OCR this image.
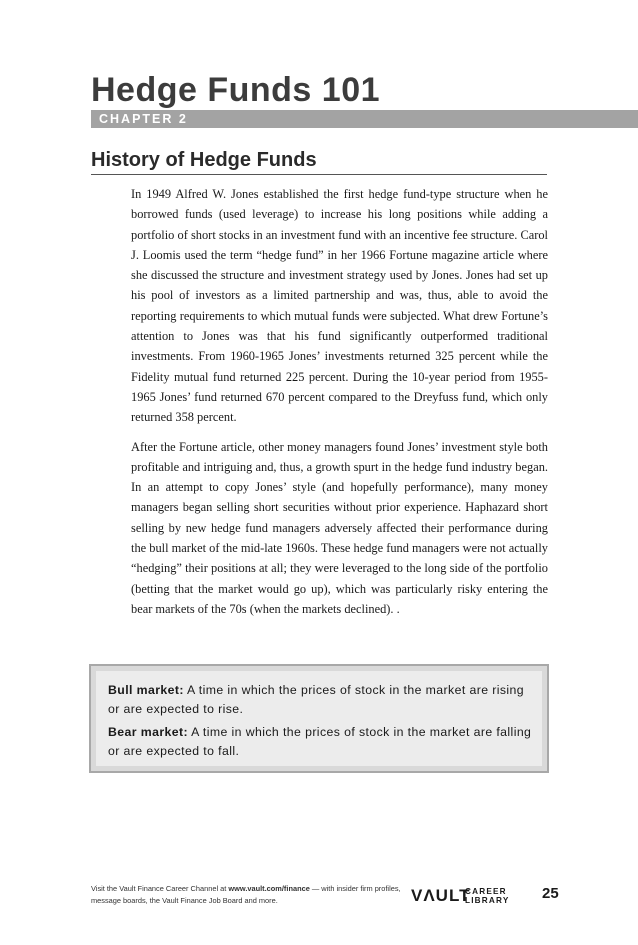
Hedge Funds 101
CHAPTER 2
History of Hedge Funds

In 1949 Alfred W. Jones established the first hedge fund-type structure when he borrowed funds (used leverage) to increase his long positions while adding a portfolio of short stocks in an investment fund with an incentive fee structure. Carol J. Loomis used the term “hedge fund” in her 1966 Fortune magazine article where she discussed the structure and investment strategy used by Jones. Jones had set up his pool of investors as a limited partnership and was, thus, able to avoid the reporting requirements to which mutual funds were subjected. What drew Fortune’s attention to Jones was that his fund significantly outperformed traditional investments. From 1960-1965 Jones’ investments returned 325 percent while the Fidelity mutual fund returned 225 percent. During the 10-year period from 1955-1965 Jones’ fund returned 670 percent compared to the Dreyfuss fund, which only returned 358 percent.

After the Fortune article, other money managers found Jones’ investment style both profitable and intriguing and, thus, a growth spurt in the hedge fund industry began. In an attempt to copy Jones’ style (and hopefully performance), many money managers began selling short securities without prior experience. Haphazard short selling by new hedge fund managers adversely affected their performance during the bull market of the mid-late 1960s. These hedge fund managers were not actually “hedging” their positions at all; they were leveraged to the long side of the portfolio (betting that the market would go up), which was particularly risky entering the bear markets of the 70s (when the markets declined). .

Bull market: A time in which the prices of stock in the market are rising or are expected to rise.
Bear market: A time in which the prices of stock in the market are falling or are expected to fall.
Visit the Vault Finance Career Channel at www.vault.com/finance — with insider firm profiles, message boards, the Vault Finance Job Board and more.	VΛULT
CAREER
LIBRARY	25
